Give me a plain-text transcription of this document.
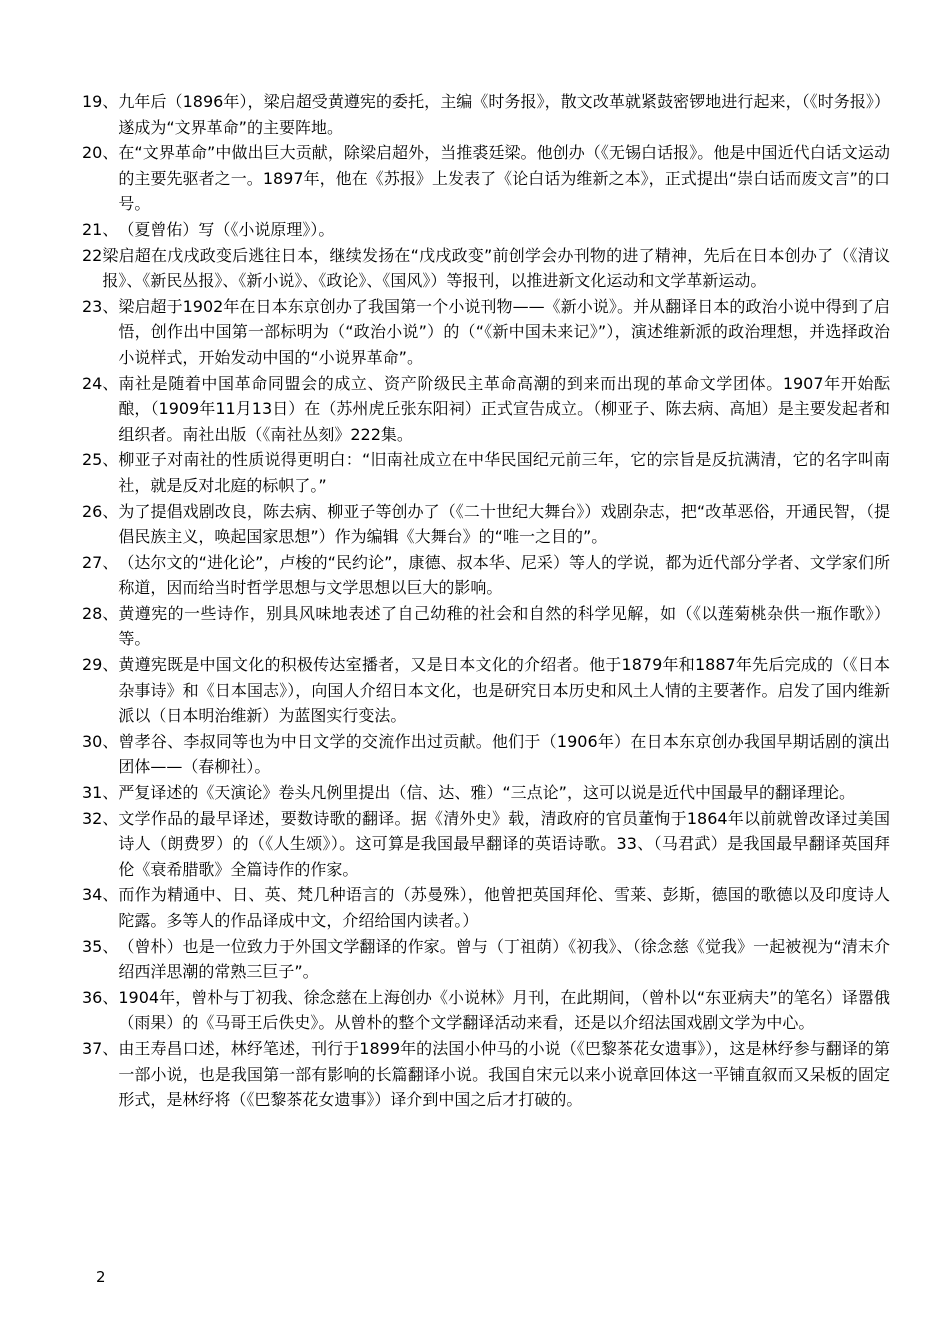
19、 九年后（1896年），梁启超受黄遵宪的委托，主编《时务报》，散文改革就紧鼓密锣地进行起来，（《时务报》）遂成为“文界革命”的主要阵地。
20、 在“文界革命”中做出巨大贡献，除梁启超外，当推裘廷梁。他创办（《无锡白话报》。他是中国近代白话文运动的主要先驱者之一。1897年，他在《苏报》上发表了《论白话为维新之本》，正式提出“崇白话而废文言”的口号。
21、 （夏曾佑）写（《小说原理》）。
22 梁启超在戊戌政变后逃往日本，继续发扬在“戊戌政变”前创学会办刊物的进了精神，先后在日本创办了（《清议报》、《新民丛报》、《新小说》、《政论》、《国风》）等报刊，以推进新文化运动和文学革新运动。
23、 梁启超于1902年在日本东京创办了我国第一个小说刊物——《新小说》。并从翻译日本的政治小说中得到了启悟，创作出中国第一部标明为（“政治小说”）的（“《新中国未来记》”），演述维新派的政治理想，并选择政治小说样式，开始发动中国的“小说界革命”。
24、 南社是随着中国革命同盟会的成立、资产阶级民主革命高潮的到来而出现的革命文学团体。1907年开始酝酿，（1909年11月13日）在（苏州虎丘张东阳祠）正式宣告成立。（柳亚子、陈去病、高旭）是主要发起者和组织者。南社出版（《南社丛刻》222集。
25、 柳亚子对南社的性质说得更明白：“旧南社成立在中华民国纪元前三年，它的宗旨是反抗满清，它的名字叫南社，就是反对北庭的标帜了。”
26、 为了提倡戏剧改良，陈去病、柳亚子等创办了（《二十世纪大舞台》）戏剧杂志，把“改革恶俗，开通民智，（提倡民族主义，唤起国家思想”）作为编辑《大舞台》的“唯一之目的”。
27、 （达尔文的“进化论”，卢梭的“民约论”，康德、叔本华、尼采）等人的学说，都为近代部分学者、文学家们所称道，因而给当时哲学思想与文学思想以巨大的影响。
28、 黄遵宪的一些诗作，别具风味地表述了自己幼稚的社会和自然的科学见解，如（《以莲菊桃杂供一瓶作歌》）等。
29、 黄遵宪既是中国文化的积极传达室播者，又是日本文化的介绍者。他于1879年和1887年先后完成的（《日本杂事诗》和《日本国志》），向国人介绍日本文化，也是研究日本历史和风土人情的主要著作。启发了国内维新派以（日本明治维新）为蓝图实行变法。
30、 曾孝谷、李叔同等也为中日文学的交流作出过贡献。他们于（1906年）在日本东京创办我国早期话剧的演出团体——（春柳社）。
31、 严复译述的《天演论》卷头凡例里提出（信、达、雅）“三点论”，这可以说是近代中国最早的翻译理论。
32、 文学作品的最早译述，要数诗歌的翻译。据《清外史》载，清政府的官员董恂于1864年以前就曾改译过美国诗人（朗费罗）的（《人生颂》）。这可算是我国最早翻译的英语诗歌。33、（马君武）是我国最早翻译英国拜伦《衰希腊歌》全篇诗作的作家。
34、 而作为精通中、日、英、梵几种语言的（苏曼殊），他曾把英国拜伦、雪莱、彭斯，德国的歌德以及印度诗人陀露。多等人的作品译成中文，介绍给国内读者。）
35、 （曾朴）也是一位致力于外国文学翻译的作家。曾与（丁祖荫）《初我》、（徐念慈《觉我》一起被视为“清末介绍西洋思潮的常熟三巨子”。
36、 1904年，曾朴与丁初我、徐念慈在上海创办《小说林》月刊，在此期间，（曾朴以“东亚病夫”的笔名）译嚣俄（雨果）的《马哥王后佚史》。从曾朴的整个文学翻译活动来看，还是以介绍法国戏剧文学为中心。
37、 由王寿昌口述，林纾笔述，刊行于1899年的法国小仲马的小说（《巴黎茶花女遗事》），这是林纾参与翻译的第一部小说，也是我国第一部有影响的长篇翻译小说。我国自宋元以来小说章回体这一平铺直叙而又呆板的固定形式，是林纾将（《巴黎茶花女遗事》）译介到中国之后才打破的。
2
